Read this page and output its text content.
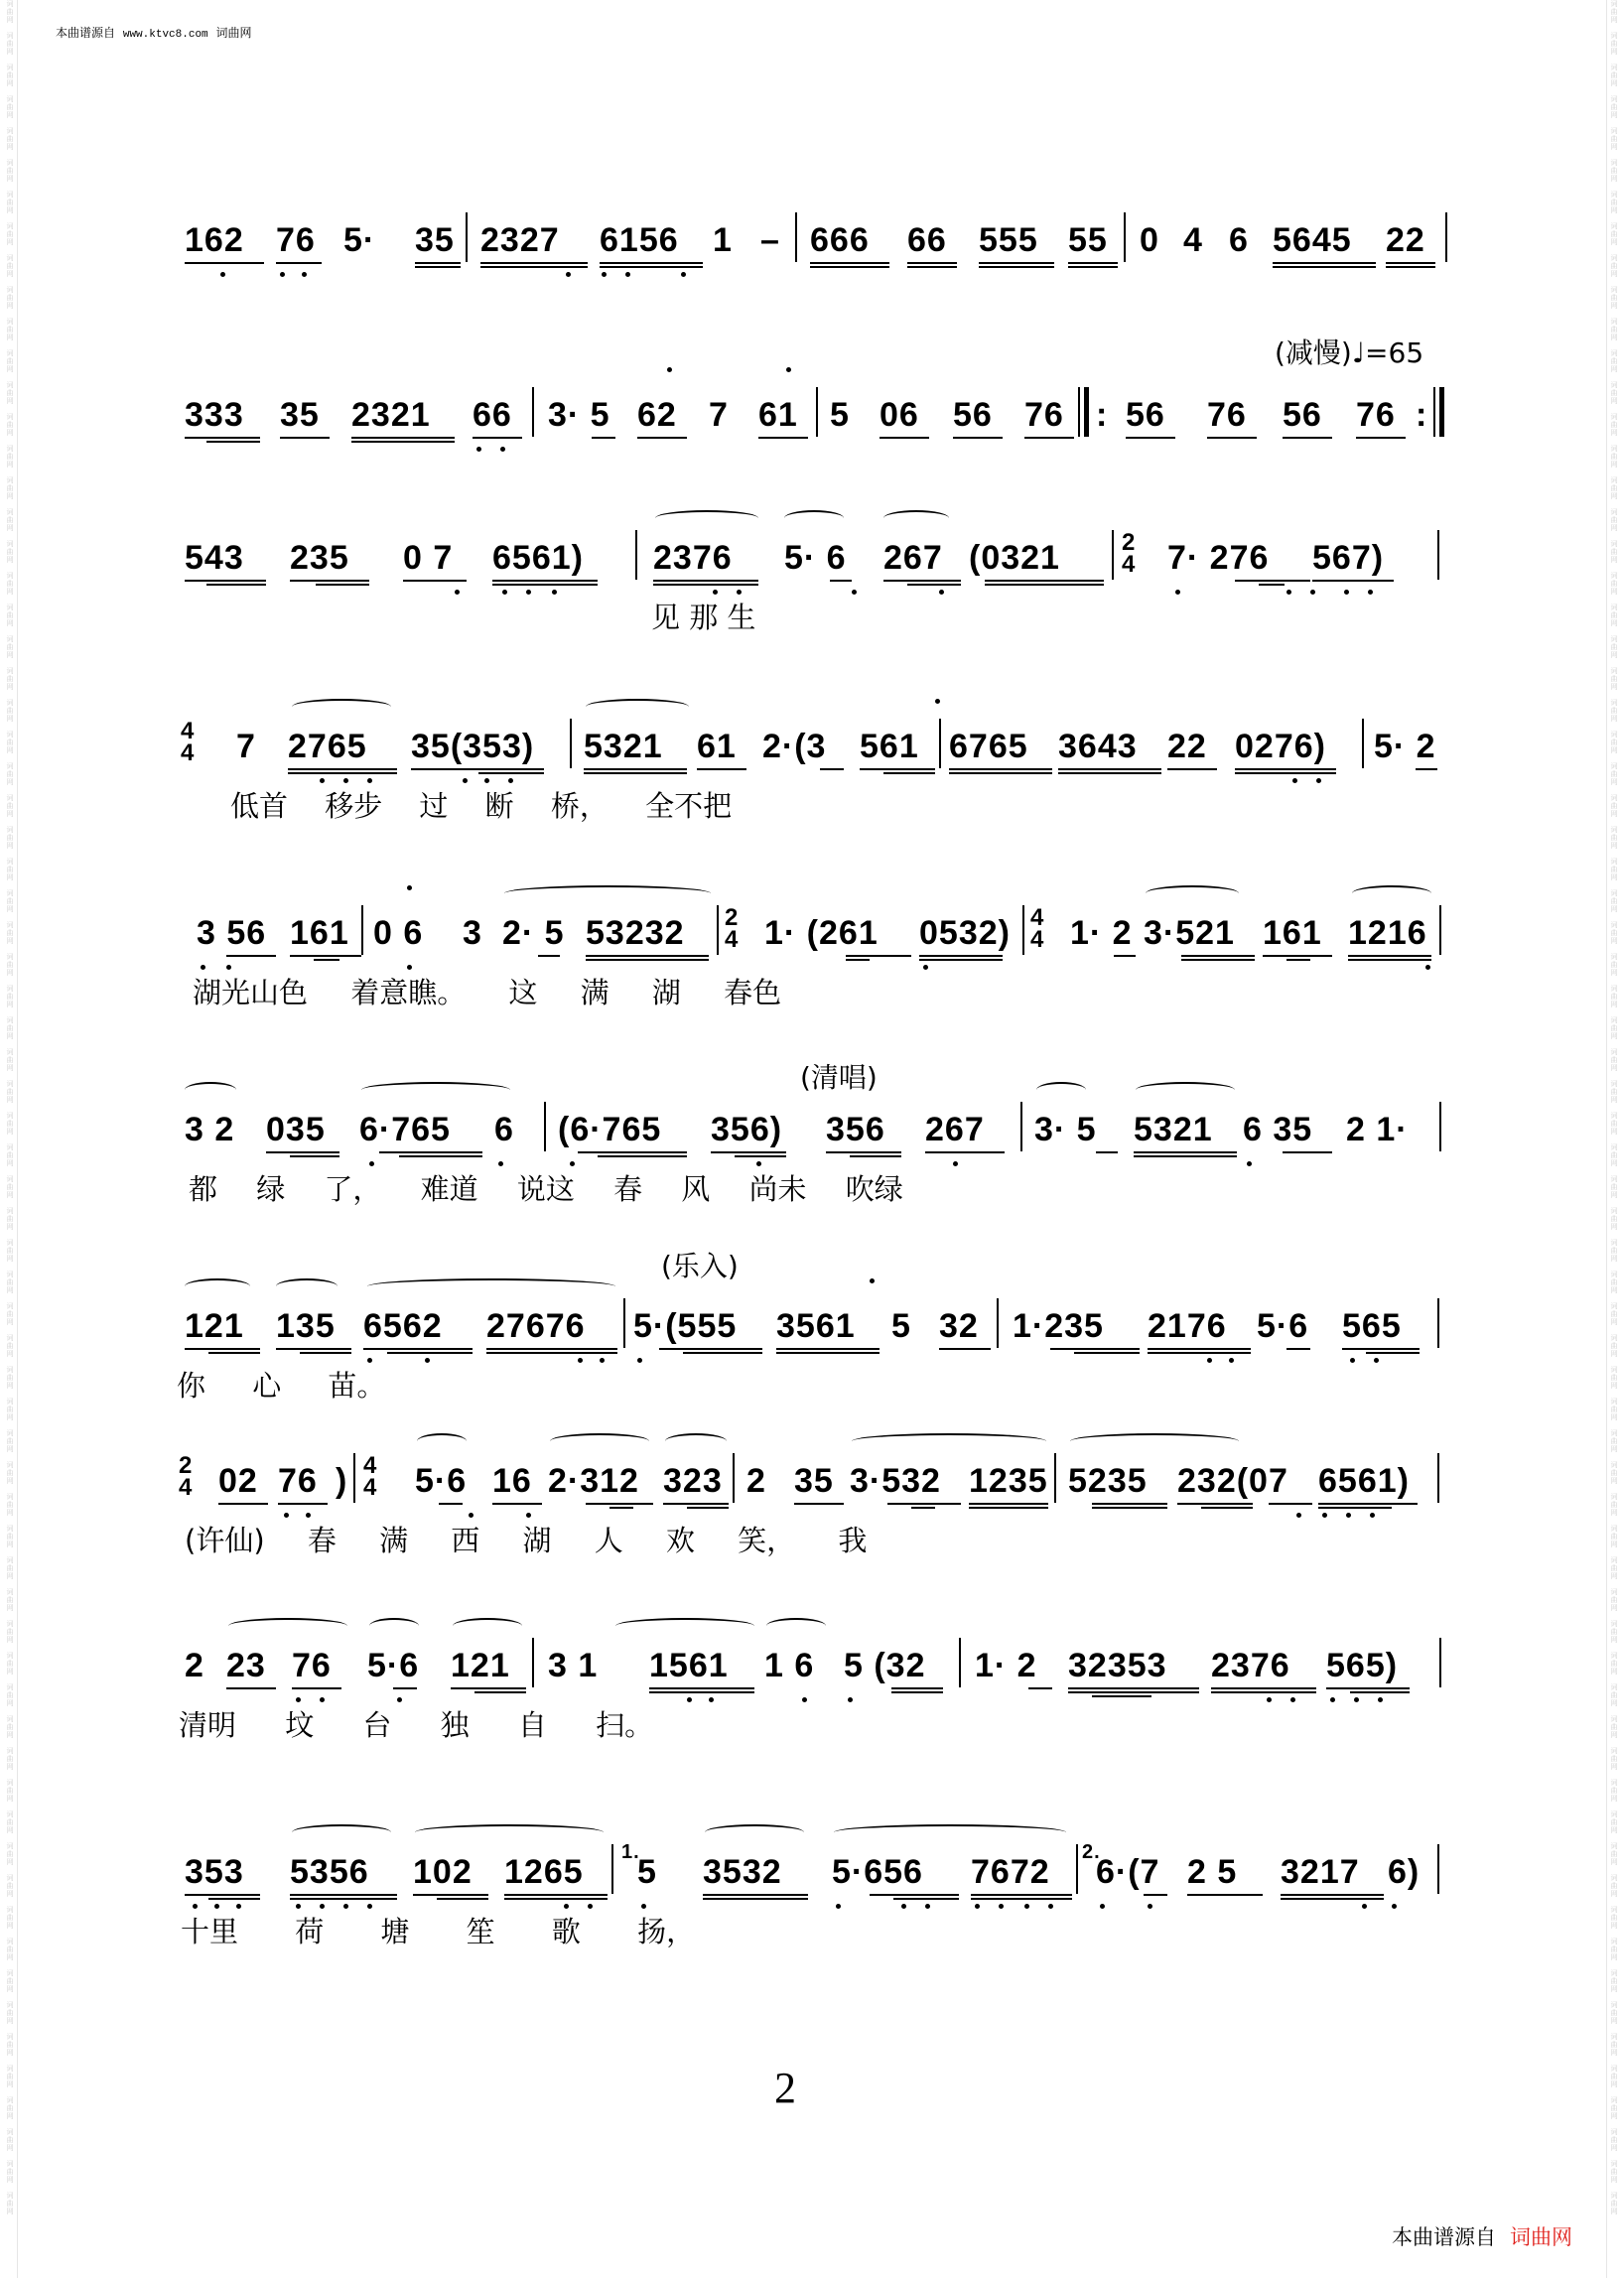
词
曲
网

词
曲
网

词
曲
网

词
曲
网

词
曲
网

词
曲
网

词
曲
网

词
曲
网

词
曲
网

词
曲
网

词
曲
网

词
曲
网

词
曲
网

词
曲
网

词
曲
网

词
曲
网

词
曲
网

词
曲
网

词
曲
网

词
曲
网

词
曲
网

词
曲
网

词
曲
网

词
曲
网

词
曲
网

词
曲
网

词
曲
网

词
曲
网

词
曲
网

词
曲
网

词
曲
网

词
曲
网

词
曲
网

词
曲
网

词
曲
网

词
曲
网

词
曲
网

词
曲
网

词
曲
网

词
曲
网

词
曲
网

词
曲
网

词
曲
网

词
曲
网

词
曲
网

词
曲
网

词
曲
网

词
曲
网

词
曲
网

词
曲
网

词
曲
网

词
曲
网

词
曲
网

词
曲
网

词
曲
网

词
曲
网

词
曲
网

词
曲
网

词
曲
网

词
曲
网

词
曲
网

词
曲
网

词
曲
网

词
曲
网

词
曲
网

词
曲
网

词
曲
网

词
曲
网

词
曲
网

词
曲
网

词
曲
网

词
曲
网

词
曲
网

词
曲
网

词
曲
网

词
曲
网

词
曲
网

词
曲
网

词
曲
网

词
曲
网

词
曲
网

词
曲
网

词
曲
网

词
曲
网

词
曲
网

词
曲
网

词
曲
网

词
曲
网

词
曲
网

词
曲
网

词
曲
网

词
曲
网

词
曲
网

词
曲
网

词
曲
网

词
曲
网

词
曲
网

词
曲
网

词
曲
网

词
曲
网

词
曲
网

词
曲
网

词
曲
网

词
曲
网

词
曲
网

词
曲
网

词
曲
网

词
曲
网

词
曲
网

词
曲
网

词
曲
网

词
曲
网

词
曲
网

词
曲
网

词
曲
网

词
曲
网

词
曲
网

词
曲
网

词
曲
网

词
曲
网

词
曲
网

词
曲
网

词
曲
网

词
曲
网

词
曲
网

词
曲
网

词
曲
网

词
曲
网

词
曲
网

词
曲
网

词
曲
网

词
曲
网

词
曲
网

词
曲
网

词
曲
网

词
曲
网

词
曲
网

词
曲
网

词
曲
网

词
曲
网

本曲谱源自 www.ktvc8.com 词曲网
162 76 5· 35 2327 6156 1 – 666 66 555 55 0 4 6 5645 22
(减慢)♩=65
333 35 2321 66 3· 5 62 7 61 5 06 56 76 : 56 76 56 76 :
543 235 0 7 6561) 2376 5· 6 267 (0321	2
4 7· 276 567)
见 那 生
4
4 7 2765 35(353) 5321 61 2·(3 561 6765 3643 22 0276) 5· 2
低首 移步 过 断 桥， 全不把
3 56 161 0 6 3 2· 5 53232 2
4 1· (261 0532) 4
4 1· 2 3·521 161 1216
湖光山色 着意瞧。 这 满 湖 春色
(清唱)
3 2 035 6·765 6 (6·765 356) 356 267 3· 5 5321 6 35 2 1·
都 绿 了， 难道 说这 春 风 尚未 吹绿
(乐入)
121 135 6562 27676 5·(555 3561 5 32 1·235 2176 5·6 565
你 心 苗。
2
4 02 76 ) 4
4 5·6 16 2·312 323 2 35 3·532 1235 5235 232(07 6561)
(许仙) 春 满 西 湖 人 欢 笑， 我
2 23 76 5·6 121 3 1 1561 1 6 5 (32 1· 2 32353 2376 565)
清明 坟 台 独 自 扫。
353 5356 102 1265
1.
5 3532 5·656 7672
2.
6·(7 2 5 3217 6)
十里 荷 塘 笙 歌 扬，
2
本曲谱源自 词曲网
